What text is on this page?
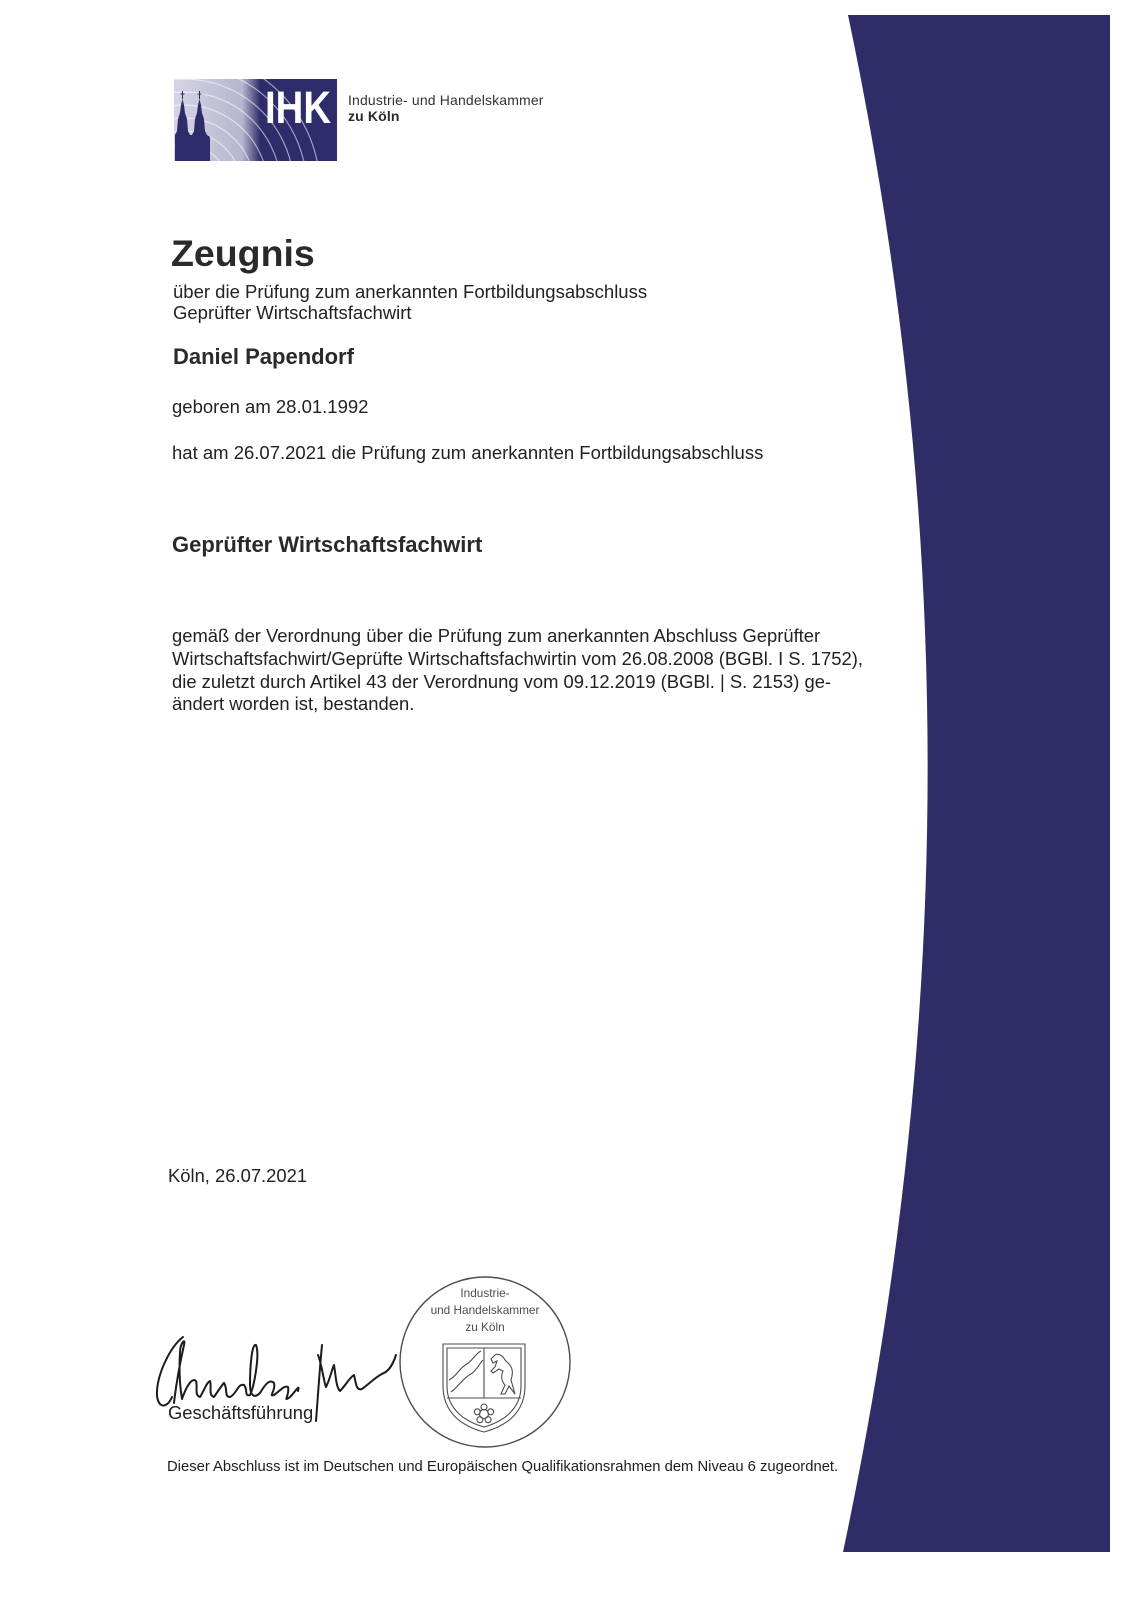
IHK Industrie- und Handelskammer
zu Köln
Zeugnis
über die Prüfung zum anerkannten Fortbildungsabschluss
Geprüfter Wirtschaftsfachwirt
Daniel Papendorf
geboren am 28.01.1992
hat am 26.07.2021 die Prüfung zum anerkannten Fortbildungsabschluss
Geprüfter Wirtschaftsfachwirt
gemäß der Verordnung über die Prüfung zum anerkannten Abschluss Geprüfter
Wirtschaftsfachwirt/Geprüfte Wirtschaftsfachwirtin vom 26.08.2008 (BGBl. I S. 1752),
die zuletzt durch Artikel 43 der Verordnung vom 09.12.2019 (BGBl. | S. 2153) ge-
ändert worden ist, bestanden.
Köln, 26.07.2021
Geschäftsführung
Industrie-
und Handelskammer
zu Köln
Dieser Abschluss ist im Deutschen und Europäischen Qualifikationsrahmen dem Niveau 6 zugeordnet.
